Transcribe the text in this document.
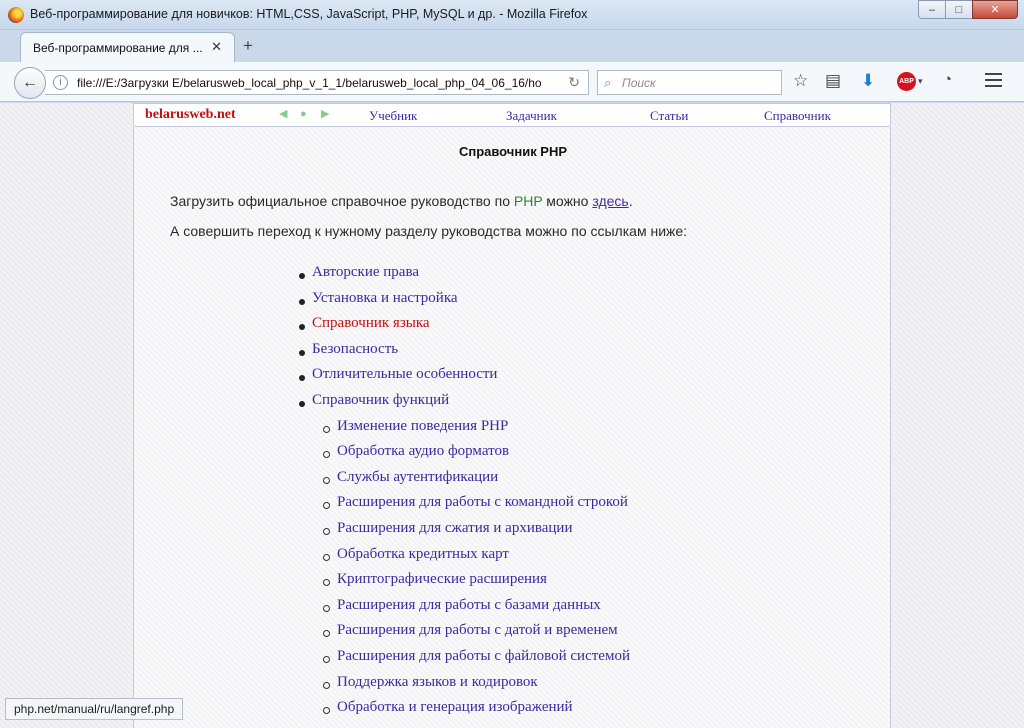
Веб-программирование для новичков: HTML,CSS, JavaScript, PHP, MySQL и др. - Mozilla Firefox	–	□	✕
Веб-программирование для ... ✕ +
i	file:///E:/Загрузки E/belarusweb_local_php_v_1_1/belarusweb_local_php_04_06_16/ho ↻
←	⌕ Поиск	☆ ▤ ⬇	ABP ▾ ◔
belarusweb.net	◀	●	▶	Учебник	Задачник	Статьи	Справочник
Справочник PHP
Загрузить официальное справочное руководство по PHP можно здесь.
А совершить переход к нужному разделу руководства можно по ссылкам ниже:
Авторские права
Установка и настройка
Справочник языка
Безопасность
Отличительные особенности
Справочник функций
Изменение поведения PHP
Обработка аудио форматов
Службы аутентификации
Расширения для работы с командной строкой
Расширения для сжатия и архивации
Обработка кредитных карт
Криптографические расширения
Расширения для работы с базами данных
Расширения для работы с датой и временем
Расширения для работы с файловой системой
Поддержка языков и кодировок
Обработка и генерация изображений
php.net/manual/ru/langref.php
